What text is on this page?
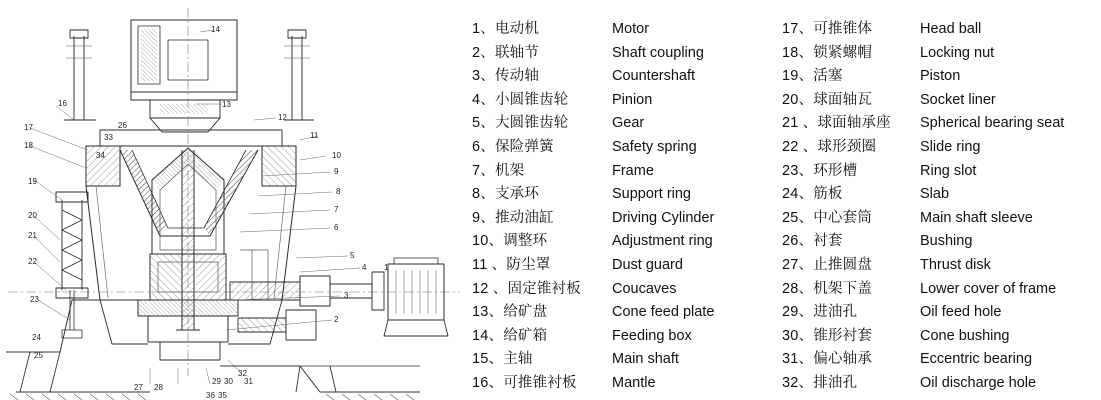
14
13
12
11
10
9
8
7
6
5
4
3
2
1
16
17
18
19
20
21
22
23
24
25
27 28
29 30 31
36 35
32
26
33
34
1、电动机	Motor
2、联轴节	Shaft coupling
3、传动轴	Countershaft
4、小圆锥齿轮	Pinion
5、大圆锥齿轮	Gear
6、保险弹簧	Safety spring
7、机架	Frame
8、支承环	Support ring
9、推动油缸	Driving Cylinder
10、调整环	Adjustment ring
11 、防尘罩	Dust guard
12 、固定锥衬板	Coucaves
13、给矿盘	Cone feed plate
14、给矿箱	Feeding box
15、主轴	Main shaft
16、可推锥衬板	Mantle
17、可推锥体	Head ball
18、锁紧螺帽	Locking nut
19、活塞	Piston
20、球面轴瓦	Socket liner
21 、球面轴承座	Spherical bearing seat
22 、球形颈圈	Slide ring
23、环形槽	Ring slot
24、筋板	Slab
25、中心套筒	Main shaft sleeve
26、衬套	Bushing
27、止推圆盘	Thrust disk
28、机架下盖	Lower cover of frame
29、进油孔	Oil feed hole
30、锥形衬套	Cone bushing
31、偏心轴承	Eccentric bearing
32、排油孔	Oil discharge hole
